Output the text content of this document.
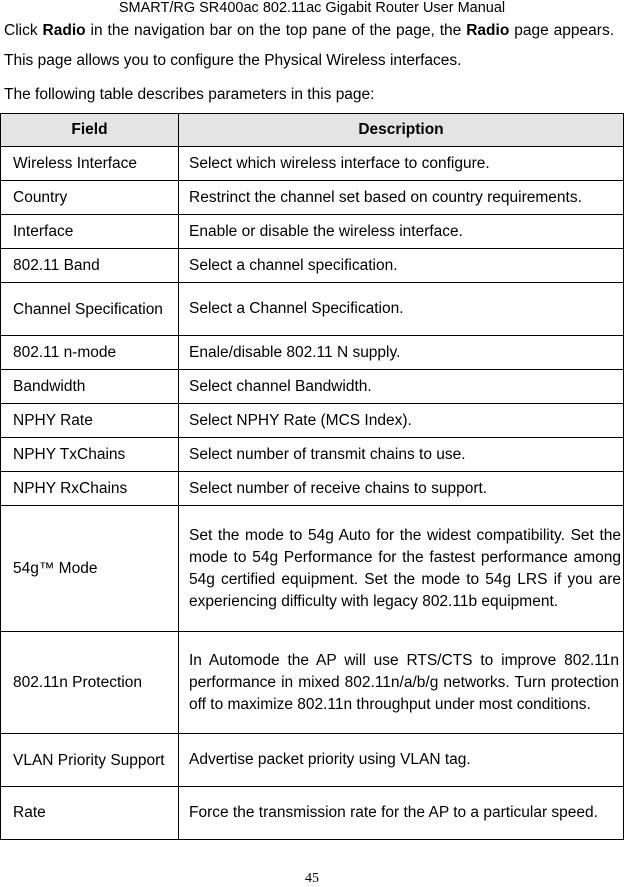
SMART/RG SR400ac 802.11ac Gigabit Router User Manual
Click Radio in the navigation bar on the top pane of the page, the Radio page appears. This page allows you to configure the Physical Wireless interfaces.
The following table describes parameters in this page:
Field	Description
Wireless Interface	Select which wireless interface to configure.
Country	Restrinct the channel set based on country requirements.
Interface	Enable or disable the wireless interface.
802.11 Band	Select a channel specification.
Channel Specification	Select a Channel Specification.
802.11 n-mode	Enale/disable 802.11 N supply.
Bandwidth	Select channel Bandwidth.
NPHY Rate	Select NPHY Rate (MCS Index).
NPHY TxChains	Select number of transmit chains to use.
NPHY RxChains	Select number of receive chains to support.
54g™ Mode	Set the mode to 54g Auto for the widest compatibility. Set the mode to 54g Performance for the fastest performance among 54g certified equipment. Set the mode to 54g LRS if you are experiencing difficulty with legacy 802.11b equipment.
802.11n Protection	In Automode the AP will use RTS/CTS to improve 802.11n performance in mixed 802.11n/a/b/g networks. Turn protection off to maximize 802.11n throughput under most conditions.
VLAN Priority Support	Advertise packet priority using VLAN tag.
Rate	Force the transmission rate for the AP to a particular speed.
45
